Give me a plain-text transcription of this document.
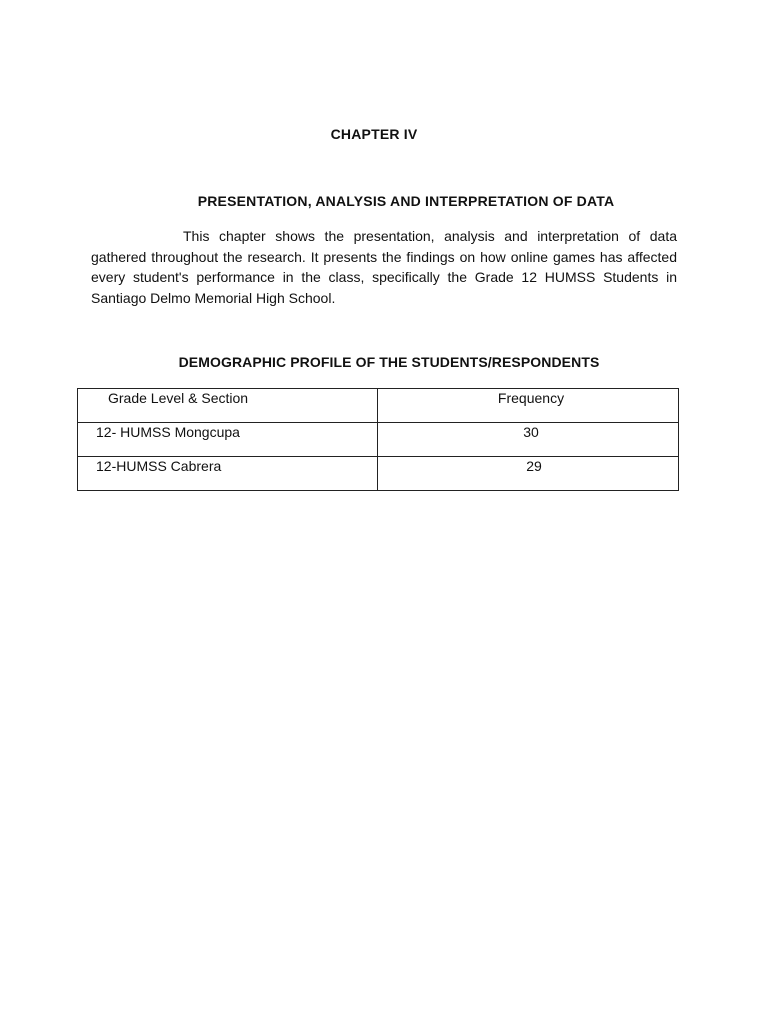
CHAPTER IV
PRESENTATION, ANALYSIS AND INTERPRETATION OF DATA

This chapter shows the presentation, analysis and interpretation of data gathered throughout the research. It presents the findings on how online games has affected every student's performance in the class, specifically the Grade 12 HUMSS Students in Santiago Delmo Memorial High School.

DEMOGRAPHIC PROFILE OF THE STUDENTS/RESPONDENTS
Grade Level & Section	Frequency

12- HUMSS Mongcupa	30

12-HUMSS Cabrera	29
